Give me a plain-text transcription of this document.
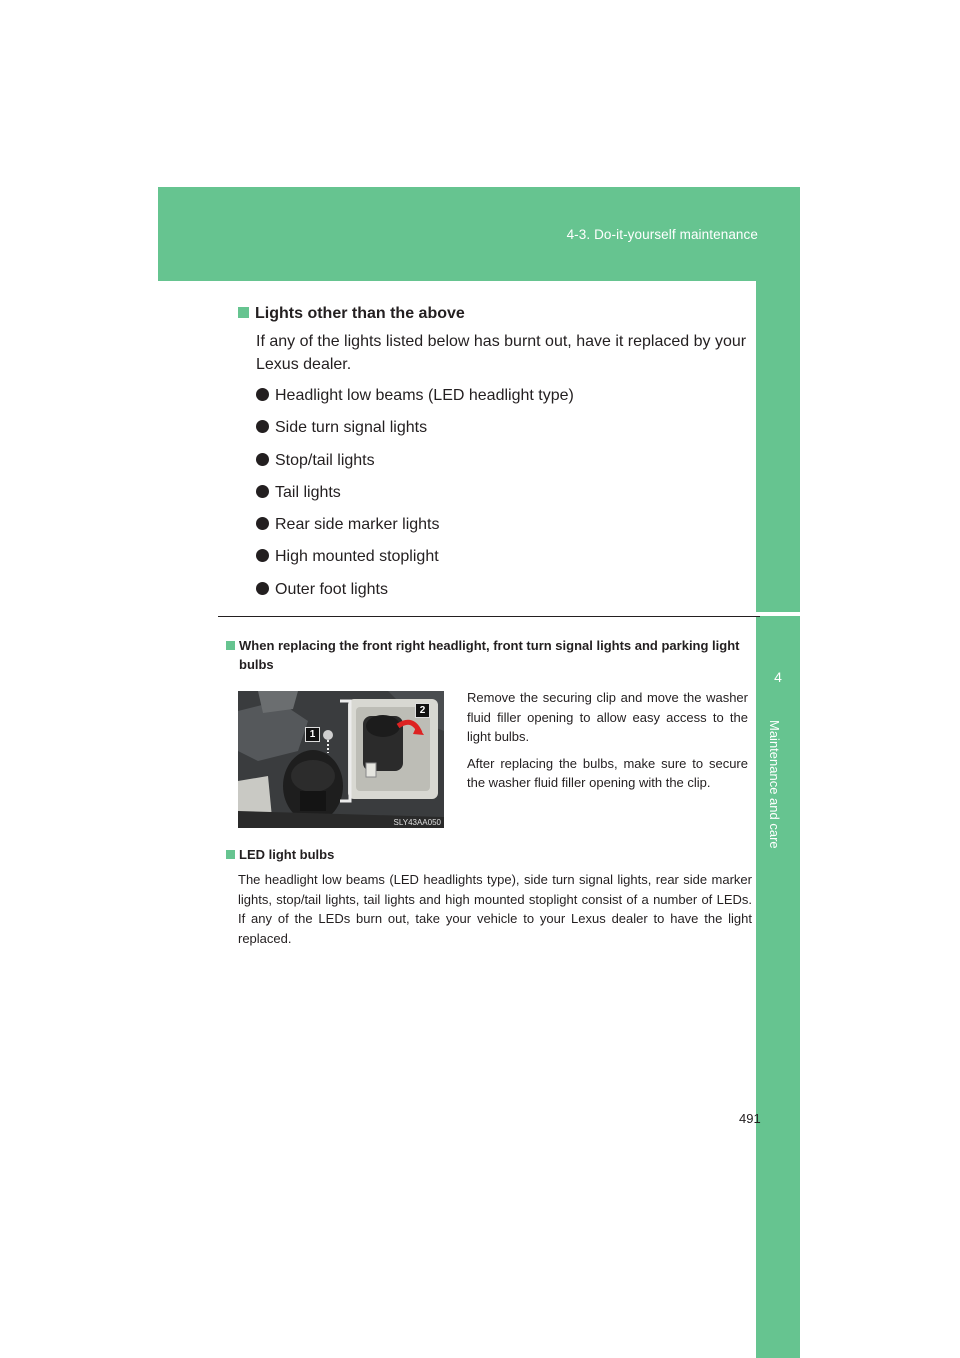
4-3. Do-it-yourself maintenance
4
Maintenance and care
Lights other than the above
If any of the lights listed below has burnt out, have it replaced by your Lexus dealer.
Headlight low beams (LED headlight type)
Side turn signal lights
Stop/tail lights
Tail lights
Rear side marker lights
High mounted stoplight
Outer foot lights
When replacing the front right headlight, front turn signal lights and parking light bulbs
1
2
SLY43AA050

Remove the securing clip and move the washer fluid filler opening to allow easy access to the light bulbs.

After replacing the bulbs, make sure to secure the washer fluid filler opening with the clip.

LED light bulbs
The headlight low beams (LED headlights type), side turn signal lights, rear side marker lights, stop/tail lights, tail lights and high mounted stoplight consist of a number of LEDs. If any of the LEDs burn out, take your vehicle to your Lexus dealer to have the light replaced.
491
